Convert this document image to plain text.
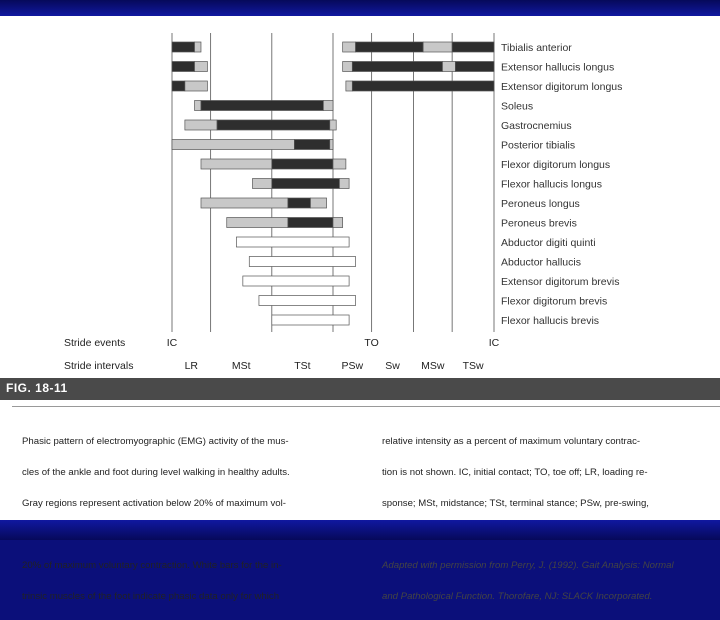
Tibialis anterior
Extensor hallucis longus
Extensor digitorum longus
Soleus
Gastrocnemius
Posterior tibialis
Flexor digitorum longus
Flexor hallucis longus
Peroneus longus
Peroneus brevis
Abductor digiti quinti
Abductor hallucis
Extensor digitorum brevis
Flexor digitorum brevis
Flexor hallucis brevis
Stride events	IC	TO	IC
Stride intervals	LR	MSt	TSt	PSw Sw MSw TSw
FIG. 18-11

Phasic pattern of electromyographic (EMG) activity of the mus-

cles of the ankle and foot during level walking in healthy adults.

Gray regions represent activation below 20% of maximum vol-

20% of maximum voluntary contraction. White bars for the in-

trinsic muscles of the foot indicate phasic data only for which

relative intensity as a percent of maximum voluntary contrac-

tion is not shown. IC, initial contact; TO, toe off; LR, loading re-

sponse; MSt, midstance; TSt, terminal stance; PSw, pre-swing,

Adapted with permission from Perry, J. (1992). Gait Analysis: Normal

and Pathological Function. Thorofare, NJ: SLACK Incorporated.
